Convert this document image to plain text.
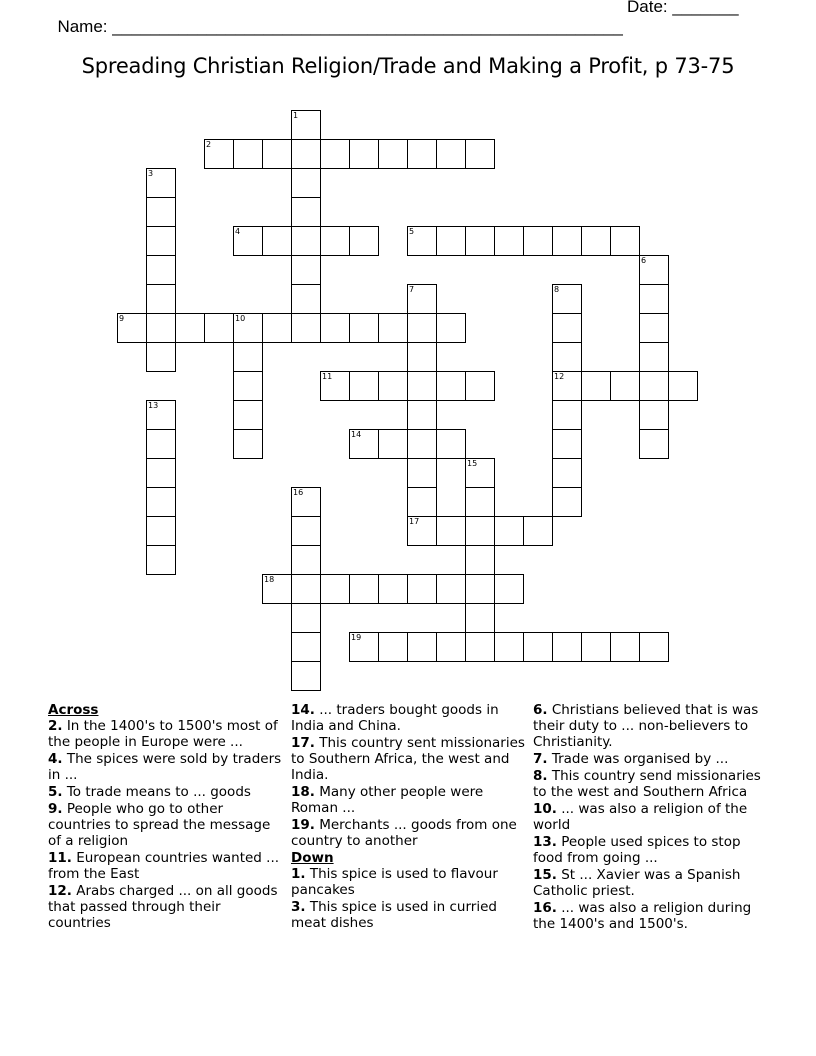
Name: ______________________________________________________

Date: _______

Spreading Christian Religion/Trade and Making a Profit, p 73-75
2
4	5
9	10
11	12
14
17
18
19
1
3
6
7	8
13
15
16
Across
2. In the 1400's to 1500's most of the people in Europe were ...
4. The spices were sold by traders in ...
5. To trade means to ... goods
9. People who go to other countries to spread the message of a religion
11. European countries wanted ... from the East
12. Arabs charged ... on all goods that passed through their countries
14. ... traders bought goods in India and China.
17. This country sent missionaries to Southern Africa, the west and India.
18. Many other people were Roman ...
19. Merchants ... goods from one country to another
Down
1. This spice is used to flavour pancakes
3. This spice is used in curried meat dishes
6. Christians believed that is was their duty to ... non-believers to Christianity.
7. Trade was organised by ...
8. This country send missionaries to the west and Southern Africa
10. ... was also a religion of the world
13. People used spices to stop food from going ...
15. St ... Xavier was a Spanish Catholic priest.
16. ... was also a religion during the 1400's and 1500's.
